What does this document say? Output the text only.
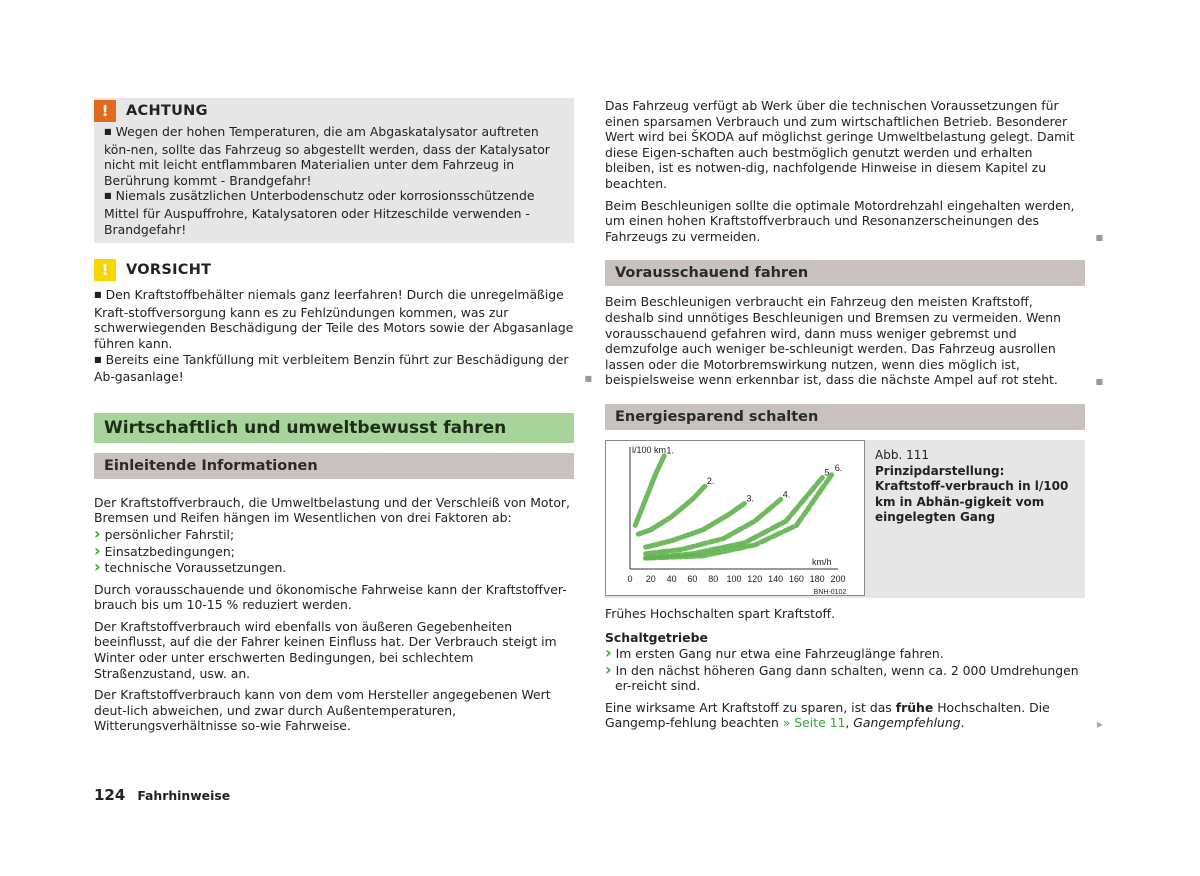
!	ACHTUNG

■ Wegen der hohen Temperaturen, die am Abgaskatalysator auftreten kön-nen, sollte das Fahrzeug so abgestellt werden, dass der Katalysator nicht mit leicht entflammbaren Materialien unter dem Fahrzeug in Berührung kommt - Brandgefahr!

■ Niemals zusätzlichen Unterbodenschutz oder korrosionsschützende Mittel für Auspuffrohre, Katalysatoren oder Hitzeschilde verwenden - Brandgefahr!

!	VORSICHT

■ Den Kraftstoffbehälter niemals ganz leerfahren! Durch die unregelmäßige Kraft-stoffversorgung kann es zu Fehlzündungen kommen, was zur schwerwiegenden Beschädigung der Teile des Motors sowie der Abgasanlage führen kann.

■ Bereits eine Tankfüllung mit verbleitem Benzin führt zur Beschädigung der Ab-gasanlage!	■
Wirtschaftlich und umweltbewusst fahren
Einleitende Informationen

Der Kraftstoffverbrauch, die Umweltbelastung und der Verschleiß von Motor, Bremsen und Reifen hängen im Wesentlichen von drei Faktoren ab:

› persönlicher Fahrstil;

› Einsatzbedingungen;

› technische Voraussetzungen.

Durch vorausschauende und ökonomische Fahrweise kann der Kraftstoffver-brauch bis um 10-15 % reduziert werden.

Der Kraftstoffverbrauch wird ebenfalls von äußeren Gegebenheiten beeinflusst, auf die der Fahrer keinen Einfluss hat. Der Verbrauch steigt im Winter oder unter erschwerten Bedingungen, bei schlechtem Straßenzustand, usw. an.

Der Kraftstoffverbrauch kann von dem vom Hersteller angegebenen Wert deut-lich abweichen, und zwar durch Außentemperaturen, Witterungsverhältnisse so-wie Fahrweise.

Das Fahrzeug verfügt ab Werk über die technischen Voraussetzungen für einen sparsamen Verbrauch und zum wirtschaftlichen Betrieb. Besonderer Wert wird bei ŠKODA auf möglichst geringe Umweltbelastung gelegt. Damit diese Eigen-schaften auch bestmöglich genutzt werden und erhalten bleiben, ist es notwen-dig, nachfolgende Hinweise in diesem Kapitel zu beachten.

Beim Beschleunigen sollte die optimale Motordrehzahl eingehalten werden, um einen hohen Kraftstoffverbrauch und Resonanzerscheinungen des Fahrzeugs zu vermeiden.	■
Vorausschauend fahren

Beim Beschleunigen verbraucht ein Fahrzeug den meisten Kraftstoff, deshalb sind unnötiges Beschleunigen und Bremsen zu vermeiden. Wenn vorausschauend gefahren wird, dann muss weniger gebremst und demzufolge auch weniger be-schleunigt werden. Das Fahrzeug ausrollen lassen oder die Motorbremswirkung nutzen, wenn dies möglich ist, beispielsweise wenn erkennbar ist, dass die nächste Ampel auf rot steht.	■
Energiesparend schalten
0 20 40 60 80 100 120 140 160 180 200
l/100 km
km/h
BNH-0102
1.
2.
3.	4.
5. 6.
Abb. 111
Prinzipdarstellung: Kraftstoff-verbrauch in l/100 km in Abhän-gigkeit vom eingelegten Gang

Frühes Hochschalten spart Kraftstoff.

Schaltgetriebe

› Im ersten Gang nur etwa eine Fahrzeuglänge fahren.

› In den nächst höheren Gang dann schalten, wenn ca. 2 000 Umdrehungen er-reicht sind.

Eine wirksame Art Kraftstoff zu sparen, ist das frühe Hochschalten. Die Gangemp-fehlung beachten » Seite 11, Gangempfehlung.	▶
124 Fahrhinweise
